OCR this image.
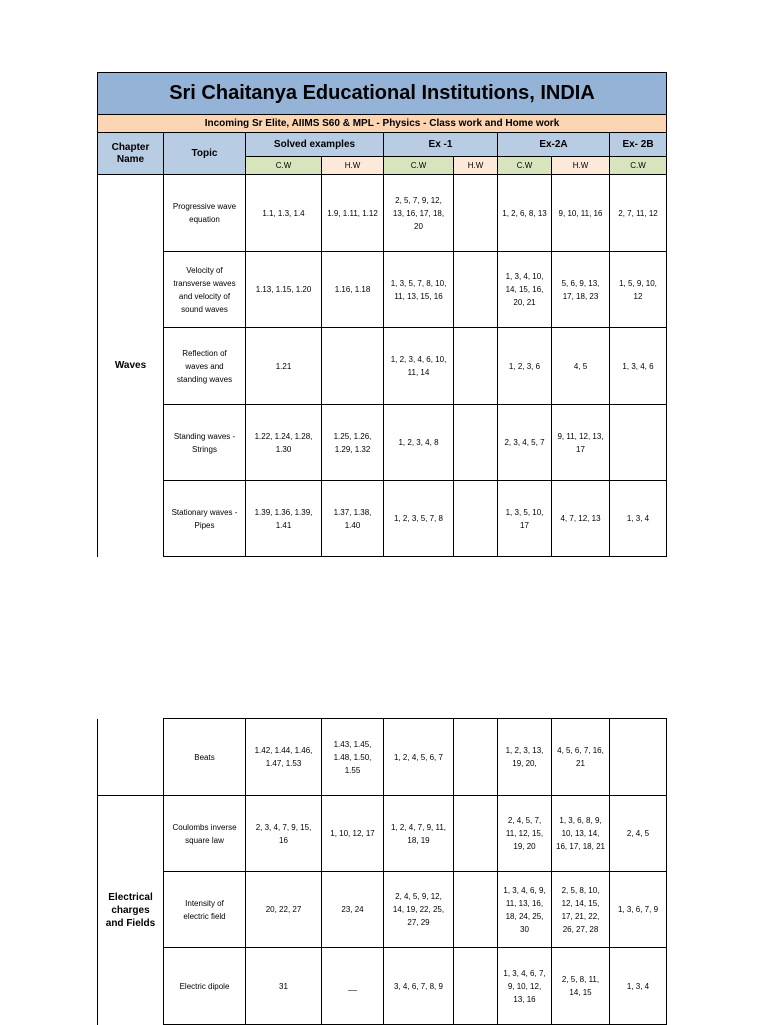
Sri Chaitanya Educational Institutions, INDIA								
Incoming Sr Elite, AIIMS S60 & MPL - Physics - Class work and Home work								
Chapter
Name	Topic	Solved examples		Ex -1		Ex-2A		Ex- 2B
		C.W	H.W	C.W	H.W	C.W	H.W	C.W
Waves	Progressive wave
equation	1.1, 1.3, 1.4	1.9, 1.11, 1.12	2, 5, 7, 9, 12,
13, 16, 17, 18,
20		1, 2, 6, 8, 13	9, 10, 11, 16	2, 7, 11, 12
	Velocity of
transverse waves
and velocity of
sound waves	1.13, 1.15, 1.20	1.16, 1.18	1, 3, 5, 7, 8, 10,
11, 13, 15, 16		1, 3, 4, 10,
14, 15, 16,
20, 21	5, 6, 9, 13,
17, 18, 23	1, 5, 9, 10,
12
	Reflection of
waves and
standing waves	1.21		1, 2, 3, 4, 6, 10,
11, 14		1, 2, 3, 6	4, 5	1, 3, 4, 6
	Standing waves -
Strings	1.22, 1.24, 1.28,
1.30	1.25, 1.26,
1.29, 1.32	1, 2, 3, 4, 8		2, 3, 4, 5, 7	9, 11, 12, 13,
17	
	Stationary waves -
Pipes	1.39, 1.36, 1.39,
1.41	1.37, 1.38,
1.40	1, 2, 3, 5, 7, 8		1, 3, 5, 10,
17	4, 7, 12, 13	1, 3, 4
	Beats	1.42, 1.44, 1.46,
1.47, 1.53	1.43, 1.45,
1.48, 1.50,
1.55	1, 2, 4, 5, 6, 7		1, 2, 3, 13,
19, 20,	4, 5, 6, 7, 16,
21	
Electrical
charges
and Fields	Coulombs inverse
square law	2, 3, 4, 7, 9, 15,
16	1, 10, 12, 17	1, 2, 4, 7, 9, 11,
18, 19		2, 4, 5, 7,
11, 12, 15,
19, 20	1, 3, 6, 8, 9,
10, 13, 14,
16, 17, 18, 21	2, 4, 5
	Intensity of
electric field	20, 22, 27	23, 24	2, 4, 5, 9, 12,
14, 19, 22, 25,
27, 29		1, 3, 4, 6, 9,
11, 13, 16,
18, 24, 25,
30	2, 5, 8, 10,
12, 14, 15,
17, 21, 22,
26, 27, 28	1, 3, 6, 7, 9
	Electric dipole	31	__	3, 4, 6, 7, 8, 9		1, 3, 4, 6, 7,
9, 10, 12,
13, 16	2, 5, 8, 11,
14, 15	1, 3, 4
